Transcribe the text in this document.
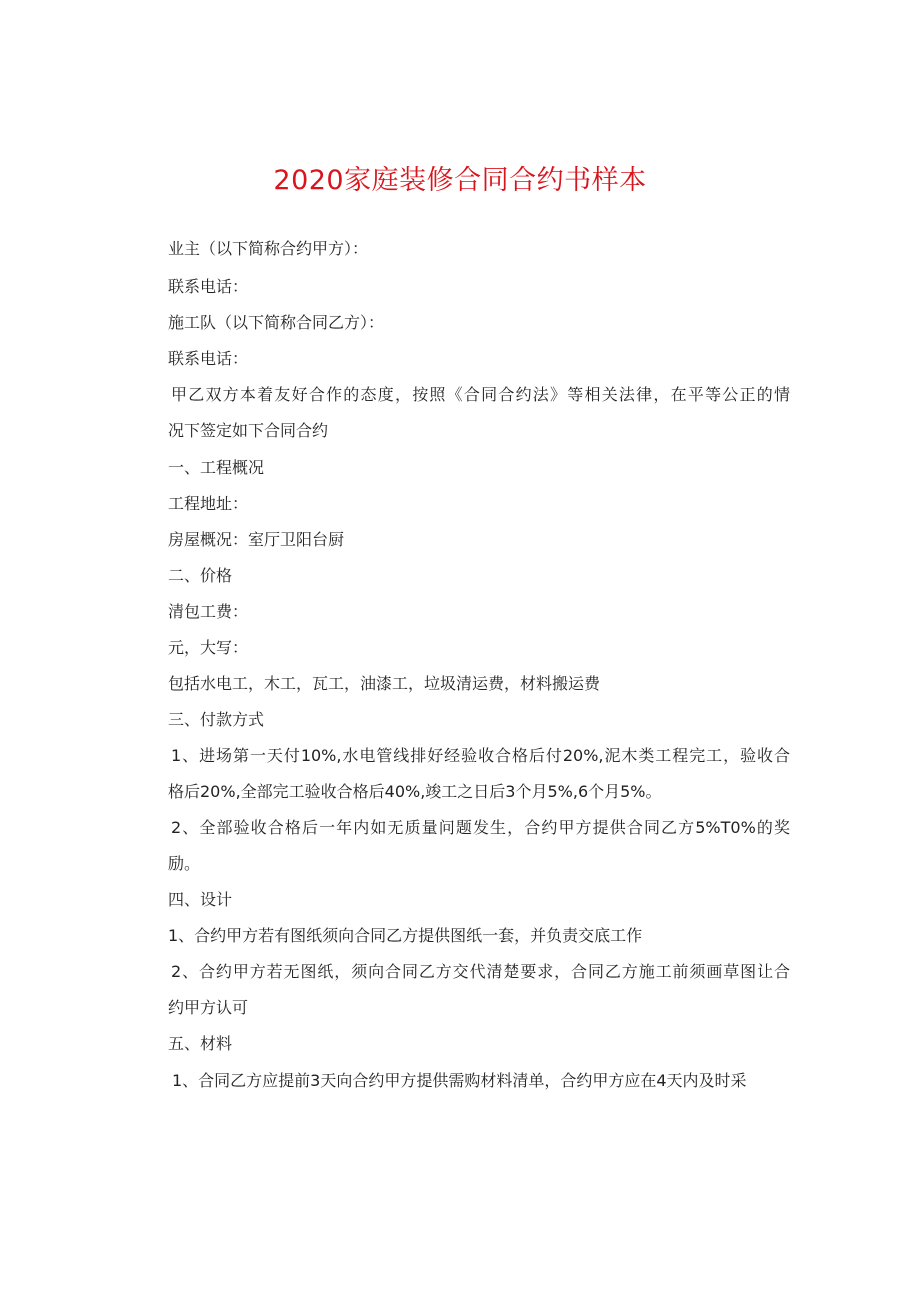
2020家庭装修合同合约书样本
业主（以下简称合约甲方）：
联系电话：
施工队（以下简称合同乙方）：
联系电话：
甲乙双方本着友好合作的态度，按照《合同合约法》等相关法律，在平等公正的情
况下签定如下合同合约
一、工程概况
工程地址：
房屋概况：室厅卫阳台厨
二、价格
清包工费：
元，大写：
包括水电工，木工，瓦工，油漆工，垃圾清运费，材料搬运费
三、付款方式
1、进场第一天付10%,水电管线排好经验收合格后付20%,泥木类工程完工，验收合
格后20%,全部完工验收合格后40%,竣工之日后3个月5%,6个月5%。
2、全部验收合格后一年内如无质量问题发生，合约甲方提供合同乙方5%T0%的奖
励。
四、设计
1、合约甲方若有图纸须向合同乙方提供图纸一套，并负责交底工作
2、合约甲方若无图纸，须向合同乙方交代清楚要求，合同乙方施工前须画草图让合
约甲方认可
五、材料
1、合同乙方应提前3天向合约甲方提供需购材料清单，合约甲方应在4天内及时采
